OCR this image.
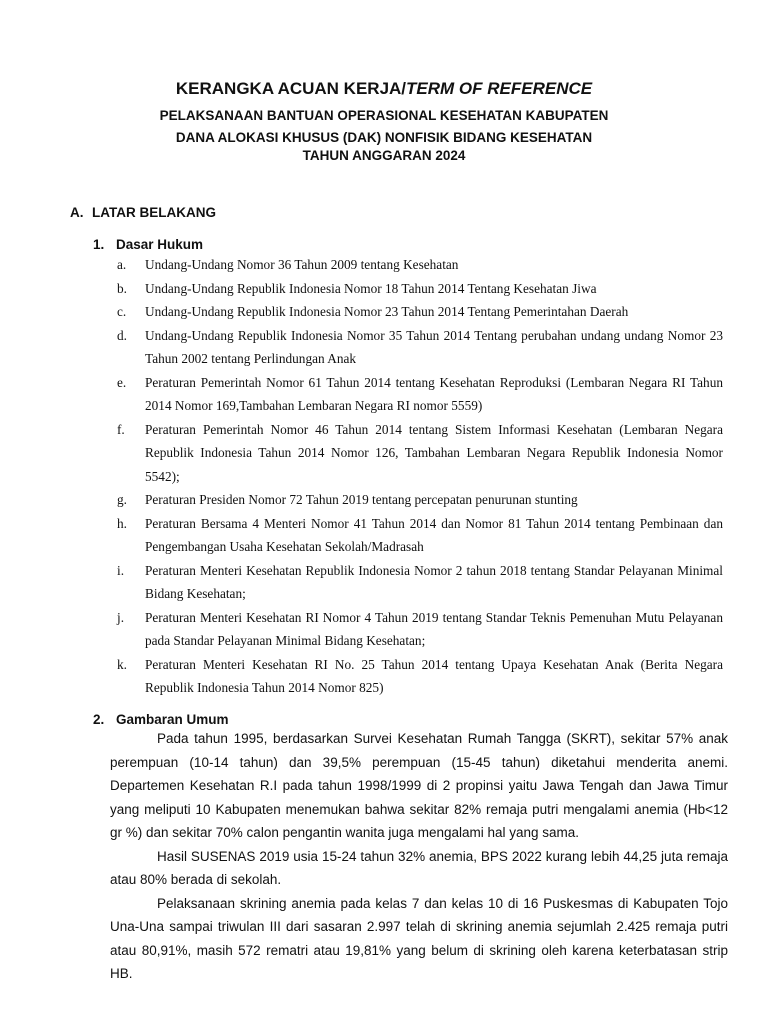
KERANGKA ACUAN KERJA/TERM OF REFERENCE
PELAKSANAAN BANTUAN OPERASIONAL KESEHATAN KABUPATEN
DANA ALOKASI KHUSUS (DAK) NONFISIK BIDANG KESEHATAN
TAHUN ANGGARAN 2024
A. LATAR BELAKANG
1. Dasar Hukum
a.	Undang-Undang Nomor 36 Tahun 2009 tentang Kesehatan
b.	Undang-Undang Republik Indonesia Nomor 18 Tahun 2014 Tentang Kesehatan Jiwa
c.	Undang-Undang Republik Indonesia Nomor 23 Tahun 2014 Tentang Pemerintahan Daerah
d.	Undang-Undang Republik Indonesia Nomor 35 Tahun 2014 Tentang perubahan undang undang Nomor 23 Tahun 2002 tentang Perlindungan Anak
e.	Peraturan Pemerintah Nomor 61 Tahun 2014 tentang Kesehatan Reproduksi (Lembaran Negara RI Tahun 2014 Nomor 169,Tambahan Lembaran Negara RI nomor 5559)
f.	Peraturan Pemerintah Nomor 46 Tahun 2014 tentang Sistem Informasi Kesehatan (Lembaran Negara Republik Indonesia Tahun 2014 Nomor 126, Tambahan Lembaran Negara Republik Indonesia Nomor 5542);
g.	Peraturan Presiden Nomor 72 Tahun 2019 tentang percepatan penurunan stunting
h.	Peraturan Bersama 4 Menteri Nomor 41 Tahun 2014 dan Nomor 81 Tahun 2014 tentang Pembinaan dan Pengembangan Usaha Kesehatan Sekolah/Madrasah
i.	Peraturan Menteri Kesehatan Republik Indonesia Nomor 2 tahun 2018 tentang Standar Pelayanan Minimal Bidang Kesehatan;
j.	Peraturan Menteri Kesehatan RI Nomor 4 Tahun 2019 tentang Standar Teknis Pemenuhan Mutu Pelayanan pada Standar Pelayanan Minimal Bidang Kesehatan;
k.	Peraturan Menteri Kesehatan RI No. 25 Tahun 2014 tentang Upaya Kesehatan Anak (Berita Negara Republik Indonesia Tahun 2014 Nomor 825)
2. Gambaran Umum

Pada tahun 1995, berdasarkan Survei Kesehatan Rumah Tangga (SKRT), sekitar 57% anak perempuan (10-14 tahun) dan 39,5% perempuan (15-45 tahun) diketahui menderita anemi. Departemen Kesehatan R.I pada tahun 1998/1999 di 2 propinsi yaitu Jawa Tengah dan Jawa Timur yang meliputi 10 Kabupaten menemukan bahwa sekitar 82% remaja putri mengalami anemia (Hb<12 gr %) dan sekitar 70% calon pengantin wanita juga mengalami hal yang sama.

Hasil SUSENAS 2019 usia 15-24 tahun 32% anemia, BPS 2022 kurang lebih 44,25 juta remaja atau 80% berada di sekolah.

Pelaksanaan skrining anemia pada kelas 7 dan kelas 10 di 16 Puskesmas di Kabupaten Tojo Una-Una sampai triwulan III dari sasaran 2.997 telah di skrining anemia sejumlah 2.425 remaja putri atau 80,91%, masih 572 rematri atau 19,81% yang belum di skrining oleh karena keterbatasan strip HB.
